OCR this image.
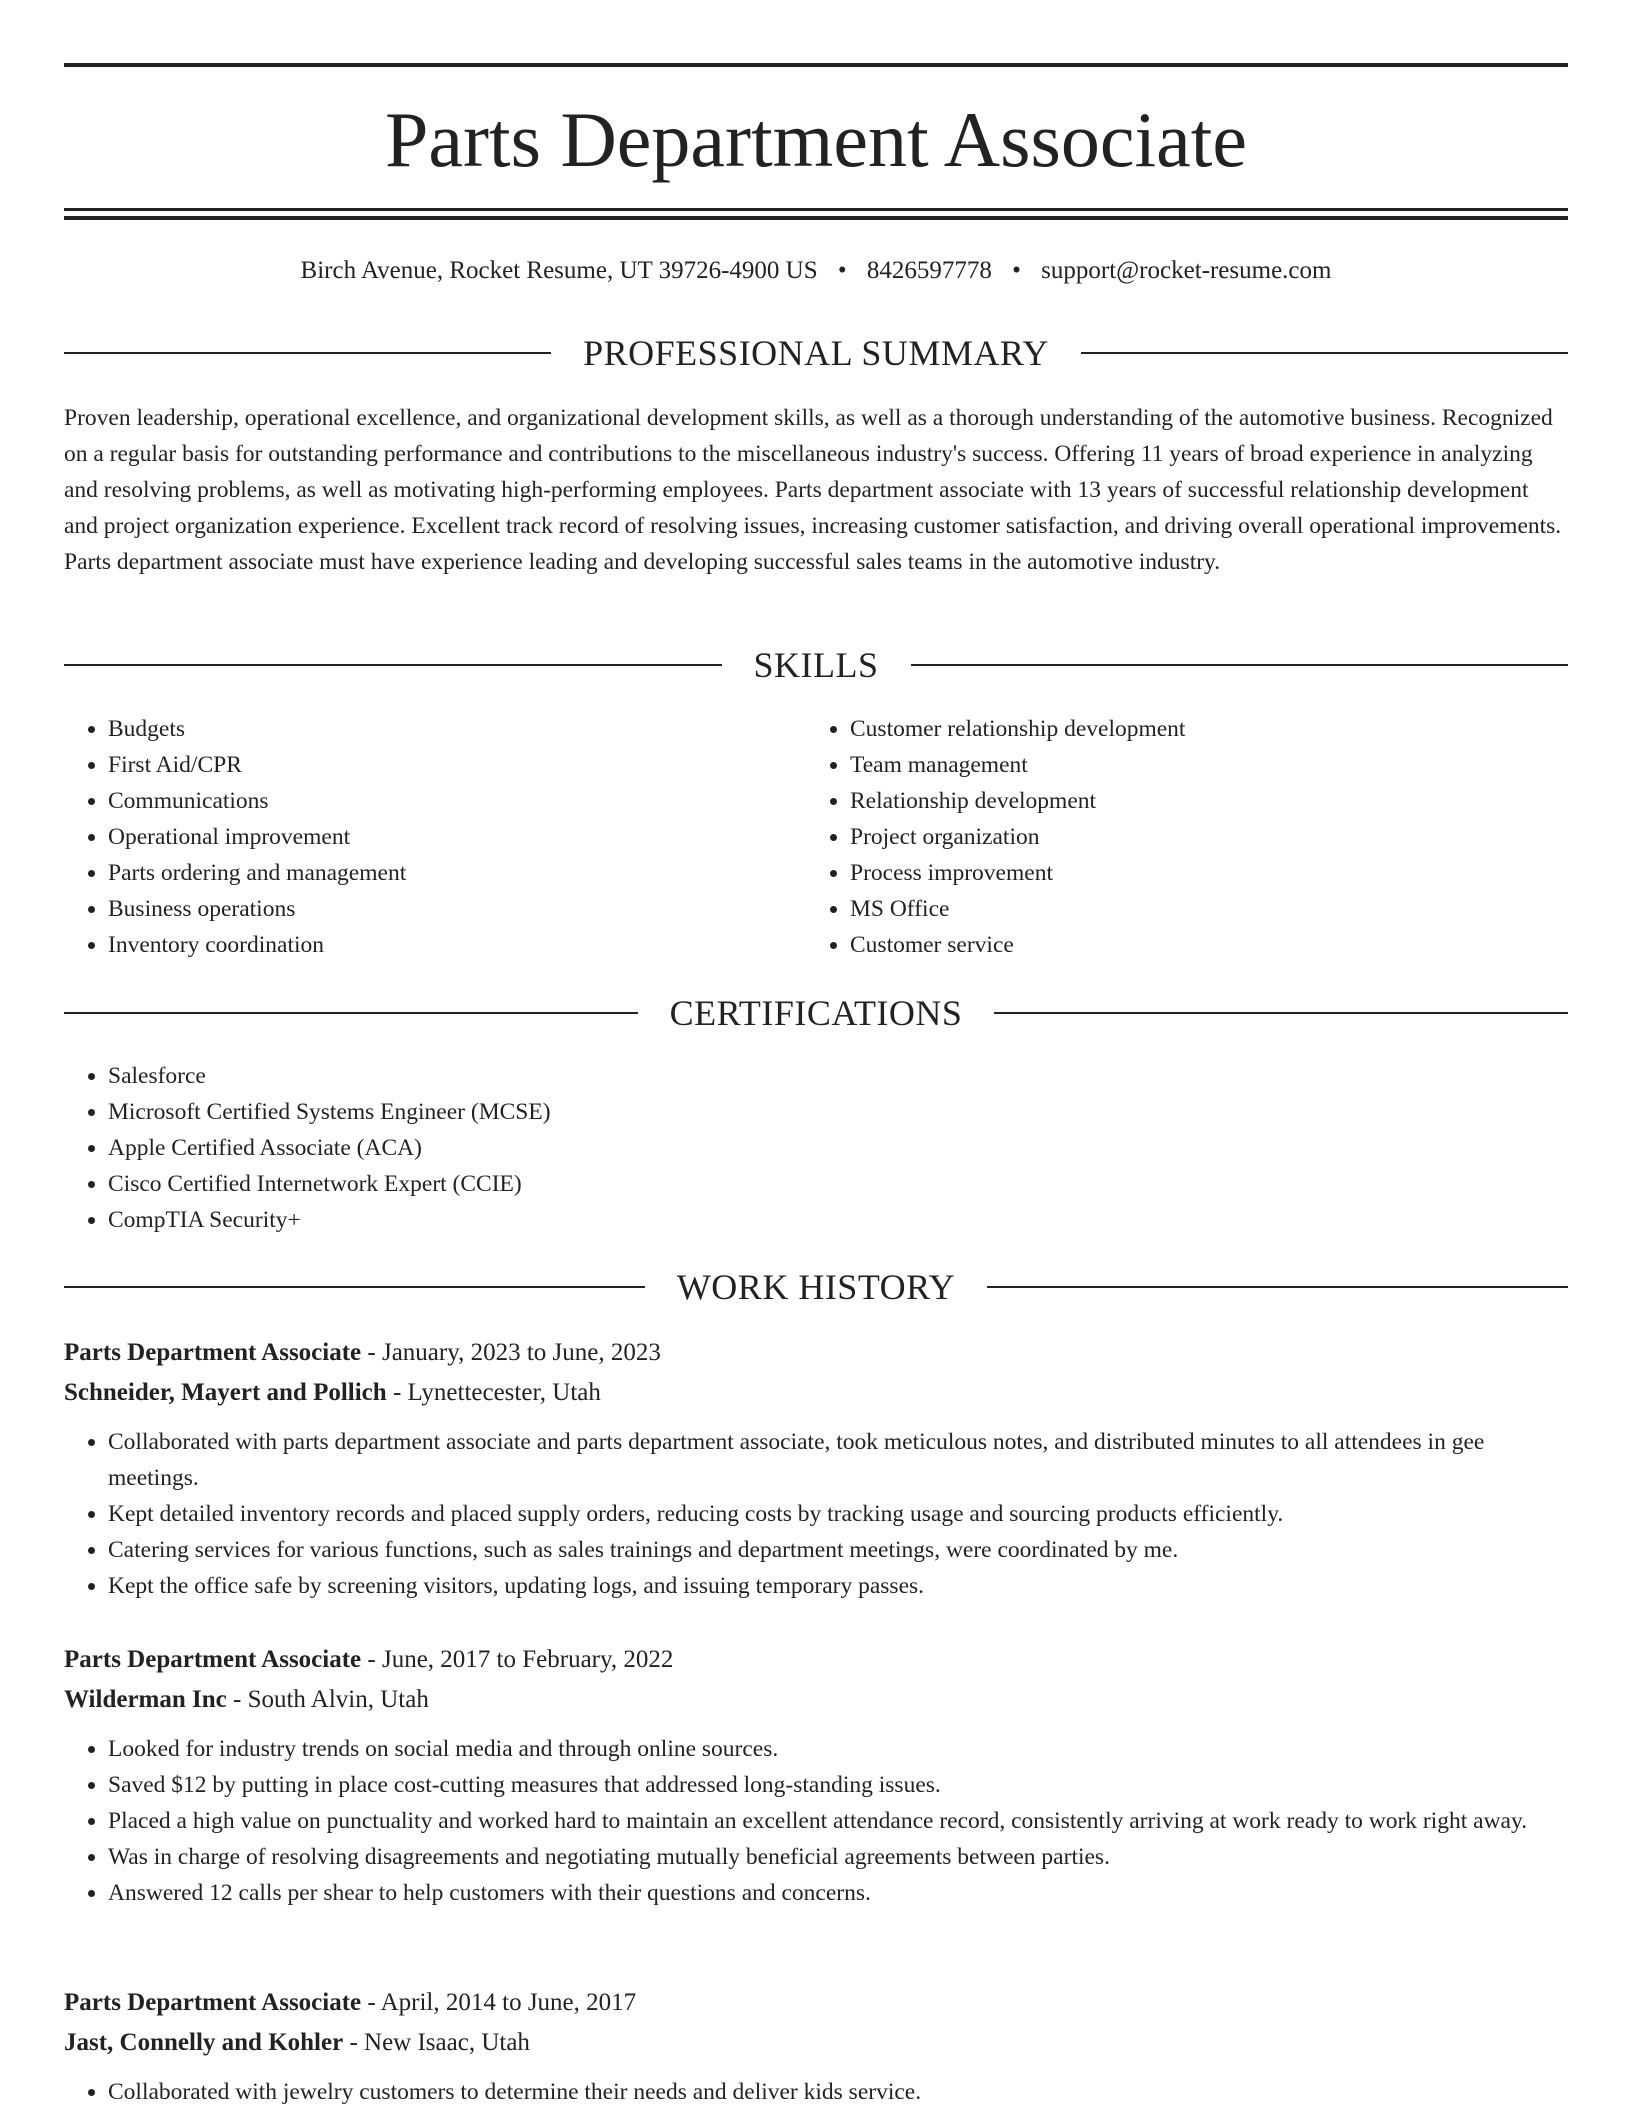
Parts Department Associate
Birch Avenue, Rocket Resume, UT 39726-4900 US • 8426597778 • support@rocket-resume.com
PROFESSIONAL SUMMARY

Proven leadership, operational excellence, and organizational development skills, as well as a thorough understanding of the automotive business. Recognized on a regular basis for outstanding performance and contributions to the miscellaneous industry's success. Offering 11 years of broad experience in analyzing and resolving problems, as well as motivating high-performing employees. Parts department associate with 13 years of successful relationship development and project organization experience. Excellent track record of resolving issues, increasing customer satisfaction, and driving overall operational improvements. Parts department associate must have experience leading and developing successful sales teams in the automotive industry.

SKILLS
• Budgets
• First Aid/CPR
• Communications
• Operational improvement
• Parts ordering and management
• Business operations
• Inventory coordination
• Customer relationship development
• Team management
• Relationship development
• Project organization
• Process improvement
• MS Office
• Customer service
CERTIFICATIONS
• Salesforce
• Microsoft Certified Systems Engineer (MCSE)
• Apple Certified Associate (ACA)
• Cisco Certified Internetwork Expert (CCIE)
• CompTIA Security+
WORK HISTORY
Parts Department Associate - January, 2023 to June, 2023
Schneider, Mayert and Pollich - Lynettecester, Utah
• Collaborated with parts department associate and parts department associate, took meticulous notes, and distributed minutes to all attendees in gee meetings.
• Kept detailed inventory records and placed supply orders, reducing costs by tracking usage and sourcing products efficiently.
• Catering services for various functions, such as sales trainings and department meetings, were coordinated by me.
• Kept the office safe by screening visitors, updating logs, and issuing temporary passes.
Parts Department Associate - June, 2017 to February, 2022
Wilderman Inc - South Alvin, Utah
• Looked for industry trends on social media and through online sources.
• Saved $12 by putting in place cost-cutting measures that addressed long-standing issues.
• Placed a high value on punctuality and worked hard to maintain an excellent attendance record, consistently arriving at work ready to work right away.
• Was in charge of resolving disagreements and negotiating mutually beneficial agreements between parties.
• Answered 12 calls per shear to help customers with their questions and concerns.
Parts Department Associate - April, 2014 to June, 2017
Jast, Connelly and Kohler - New Isaac, Utah
• Collaborated with jewelry customers to determine their needs and deliver kids service.
